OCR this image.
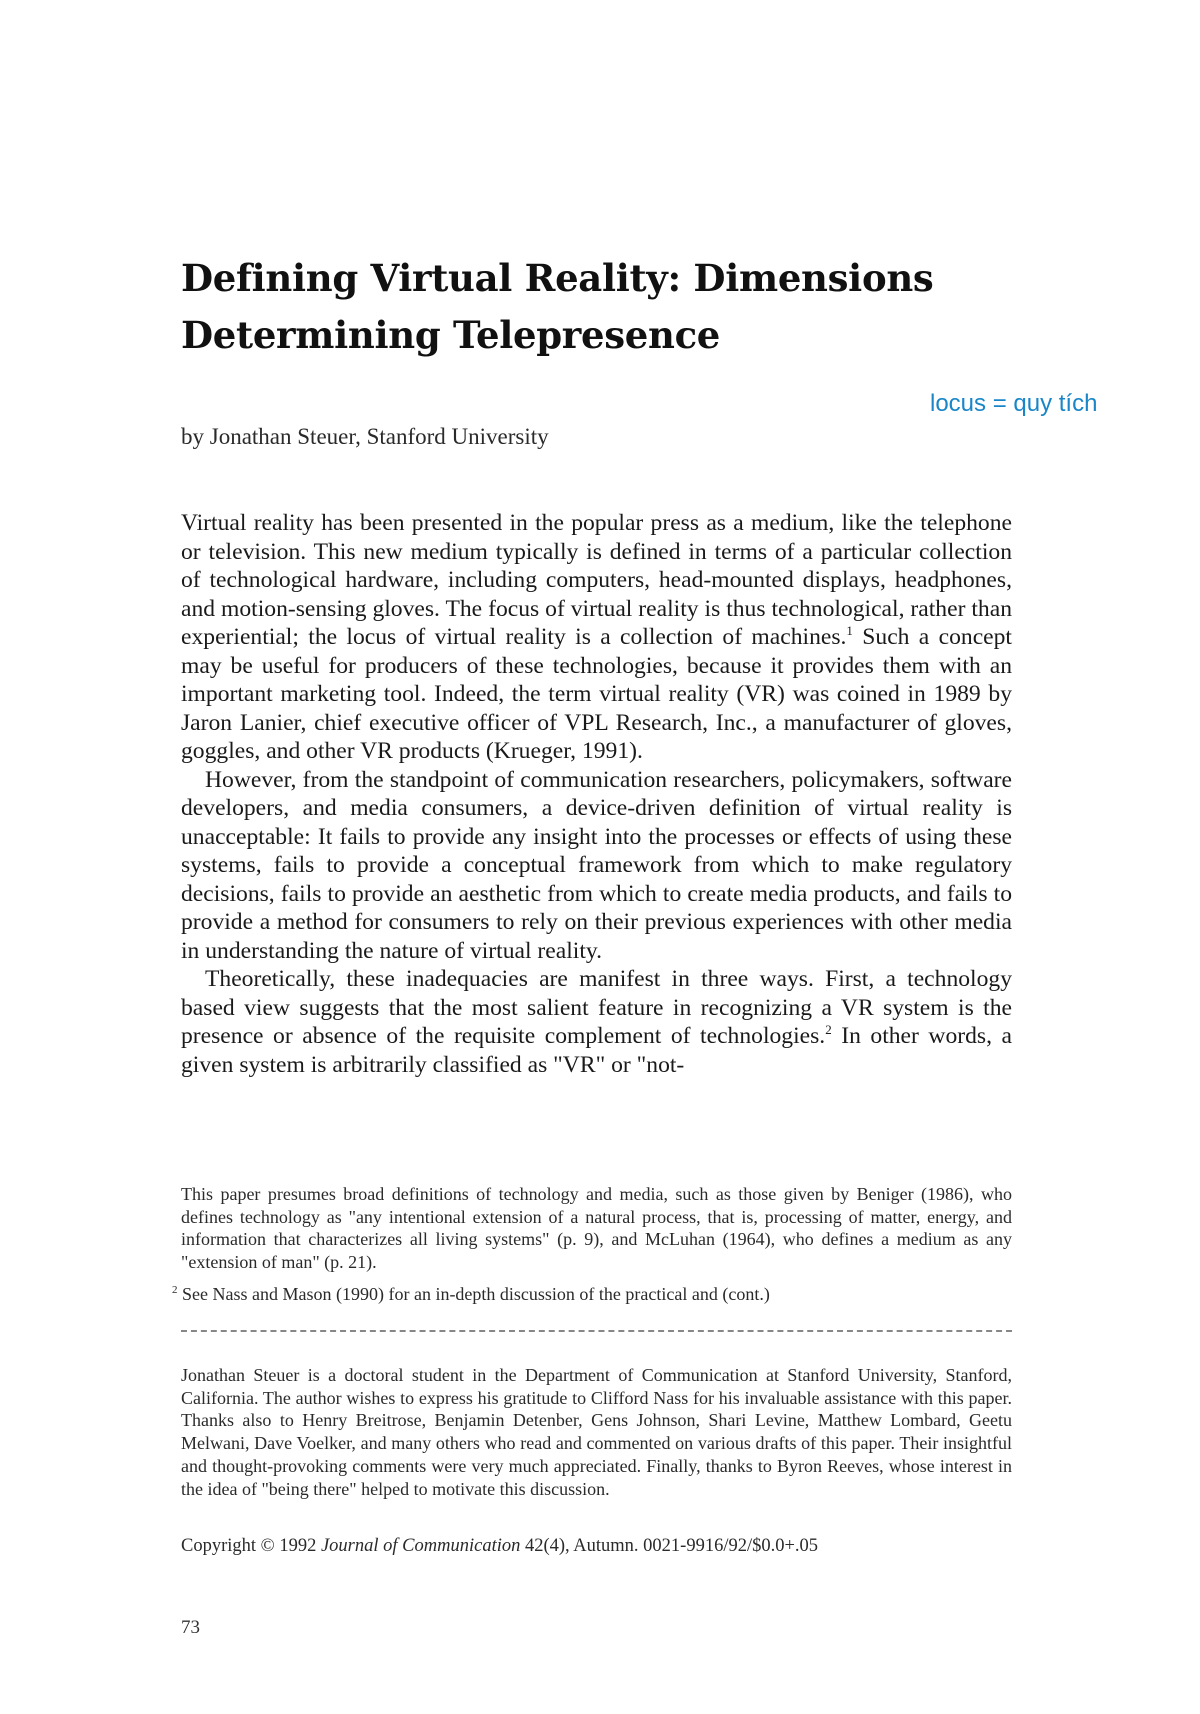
Defining Virtual Reality: Dimensions
Determining Telepresence
locus = quy tích
by Jonathan Steuer, Stanford University

Virtual reality has been presented in the popular press as a medium, like the telephone or television. This new medium typically is defined in terms of a particular collection of technological hardware, including computers, head-mounted displays, headphones, and motion-sensing gloves. The focus of virtual reality is thus technological, rather than experiential; the locus of virtual reality is a collection of machines.$^1$ Such a concept may be useful for producers of these technologies, because it provides them with an important marketing tool. Indeed, the term virtual reality (VR) was coined in 1989 by Jaron Lanier, chief executive officer of VPL Research, Inc., a manufacturer of gloves, goggles, and other VR products (Krueger, 1991).

However, from the standpoint of communication researchers, policymakers, software developers, and media consumers, a device-driven definition of virtual reality is unacceptable: It fails to provide any insight into the processes or effects of using these systems, fails to provide a conceptual framework from which to make regulatory decisions, fails to provide an aesthetic from which to create media products, and fails to provide a method for consumers to rely on their previous experiences with other media in understanding the nature of virtual reality.

Theoretically, these inadequacies are manifest in three ways. First, a technology based view suggests that the most salient feature in recognizing a VR system is the presence or absence of the requisite complement of technologies.$^2$ In other words, a given system is arbitrarily classified as "VR" or "not-

This paper presumes broad definitions of technology and media, such as those given by Beniger (1986), who defines technology as "any intentional extension of a natural process, that is, processing of matter, energy, and information that characterizes all living systems" (p. 9), and McLuhan (1964), who defines a medium as any "extension of man" (p. 21).

$^2$ See Nass and Mason (1990) for an in-depth discussion of the practical and (cont.)

Jonathan Steuer is a doctoral student in the Department of Communication at Stanford University, Stanford, California. The author wishes to express his gratitude to Clifford Nass for his invaluable assistance with this paper. Thanks also to Henry Breitrose, Benjamin Detenber, Gens Johnson, Shari Levine, Matthew Lombard, Geetu Melwani, Dave Voelker, and many others who read and commented on various drafts of this paper. Their insightful and thought-provoking comments were very much appreciated. Finally, thanks to Byron Reeves, whose interest in the idea of "being there" helped to motivate this discussion.

Copyright © 1992 Journal of Communication 42(4), Autumn. 0021-9916/92/$0.0+.05
73
